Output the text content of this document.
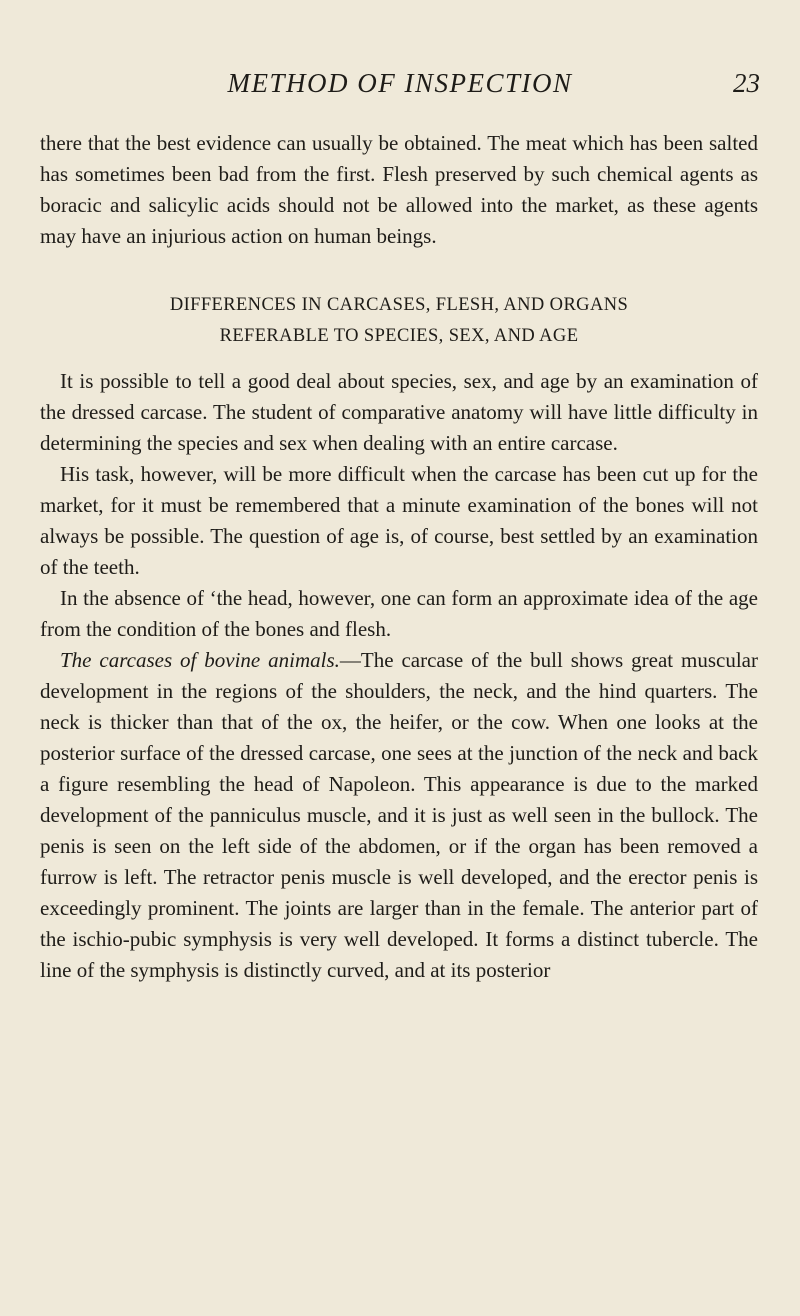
METHOD OF INSPECTION	23

there that the best evidence can usually be obtained. The meat which has been salted has sometimes been bad from the first. Flesh preserved by such chemical agents as boracic and salicylic acids should not be allowed into the market, as these agents may have an injurious action on human beings.

DIFFERENCES IN CARCASES, FLESH, AND ORGANS
REFERABLE TO SPECIES, SEX, AND AGE

It is possible to tell a good deal about species, sex, and age by an examination of the dressed carcase. The student of comparative anatomy will have little difficulty in determining the species and sex when dealing with an entire carcase.

His task, however, will be more difficult when the carcase has been cut up for the market, for it must be remembered that a minute examination of the bones will not always be possible. The question of age is, of course, best settled by an examination of the teeth.

In the absence of ‘the head, however, one can form an approximate idea of the age from the condition of the bones and flesh.

The carcases of bovine animals.—The carcase of the bull shows great muscular development in the regions of the shoulders, the neck, and the hind quarters. The neck is thicker than that of the ox, the heifer, or the cow. When one looks at the posterior surface of the dressed carcase, one sees at the junction of the neck and back a figure resembling the head of Napoleon. This appearance is due to the marked development of the panniculus muscle, and it is just as well seen in the bullock. The penis is seen on the left side of the abdomen, or if the organ has been removed a furrow is left. The retractor penis muscle is well developed, and the erector penis is exceedingly prominent. The joints are larger than in the female. The anterior part of the ischio-pubic symphysis is very well developed. It forms a distinct tubercle. The line of the symphysis is distinctly curved, and at its posterior
